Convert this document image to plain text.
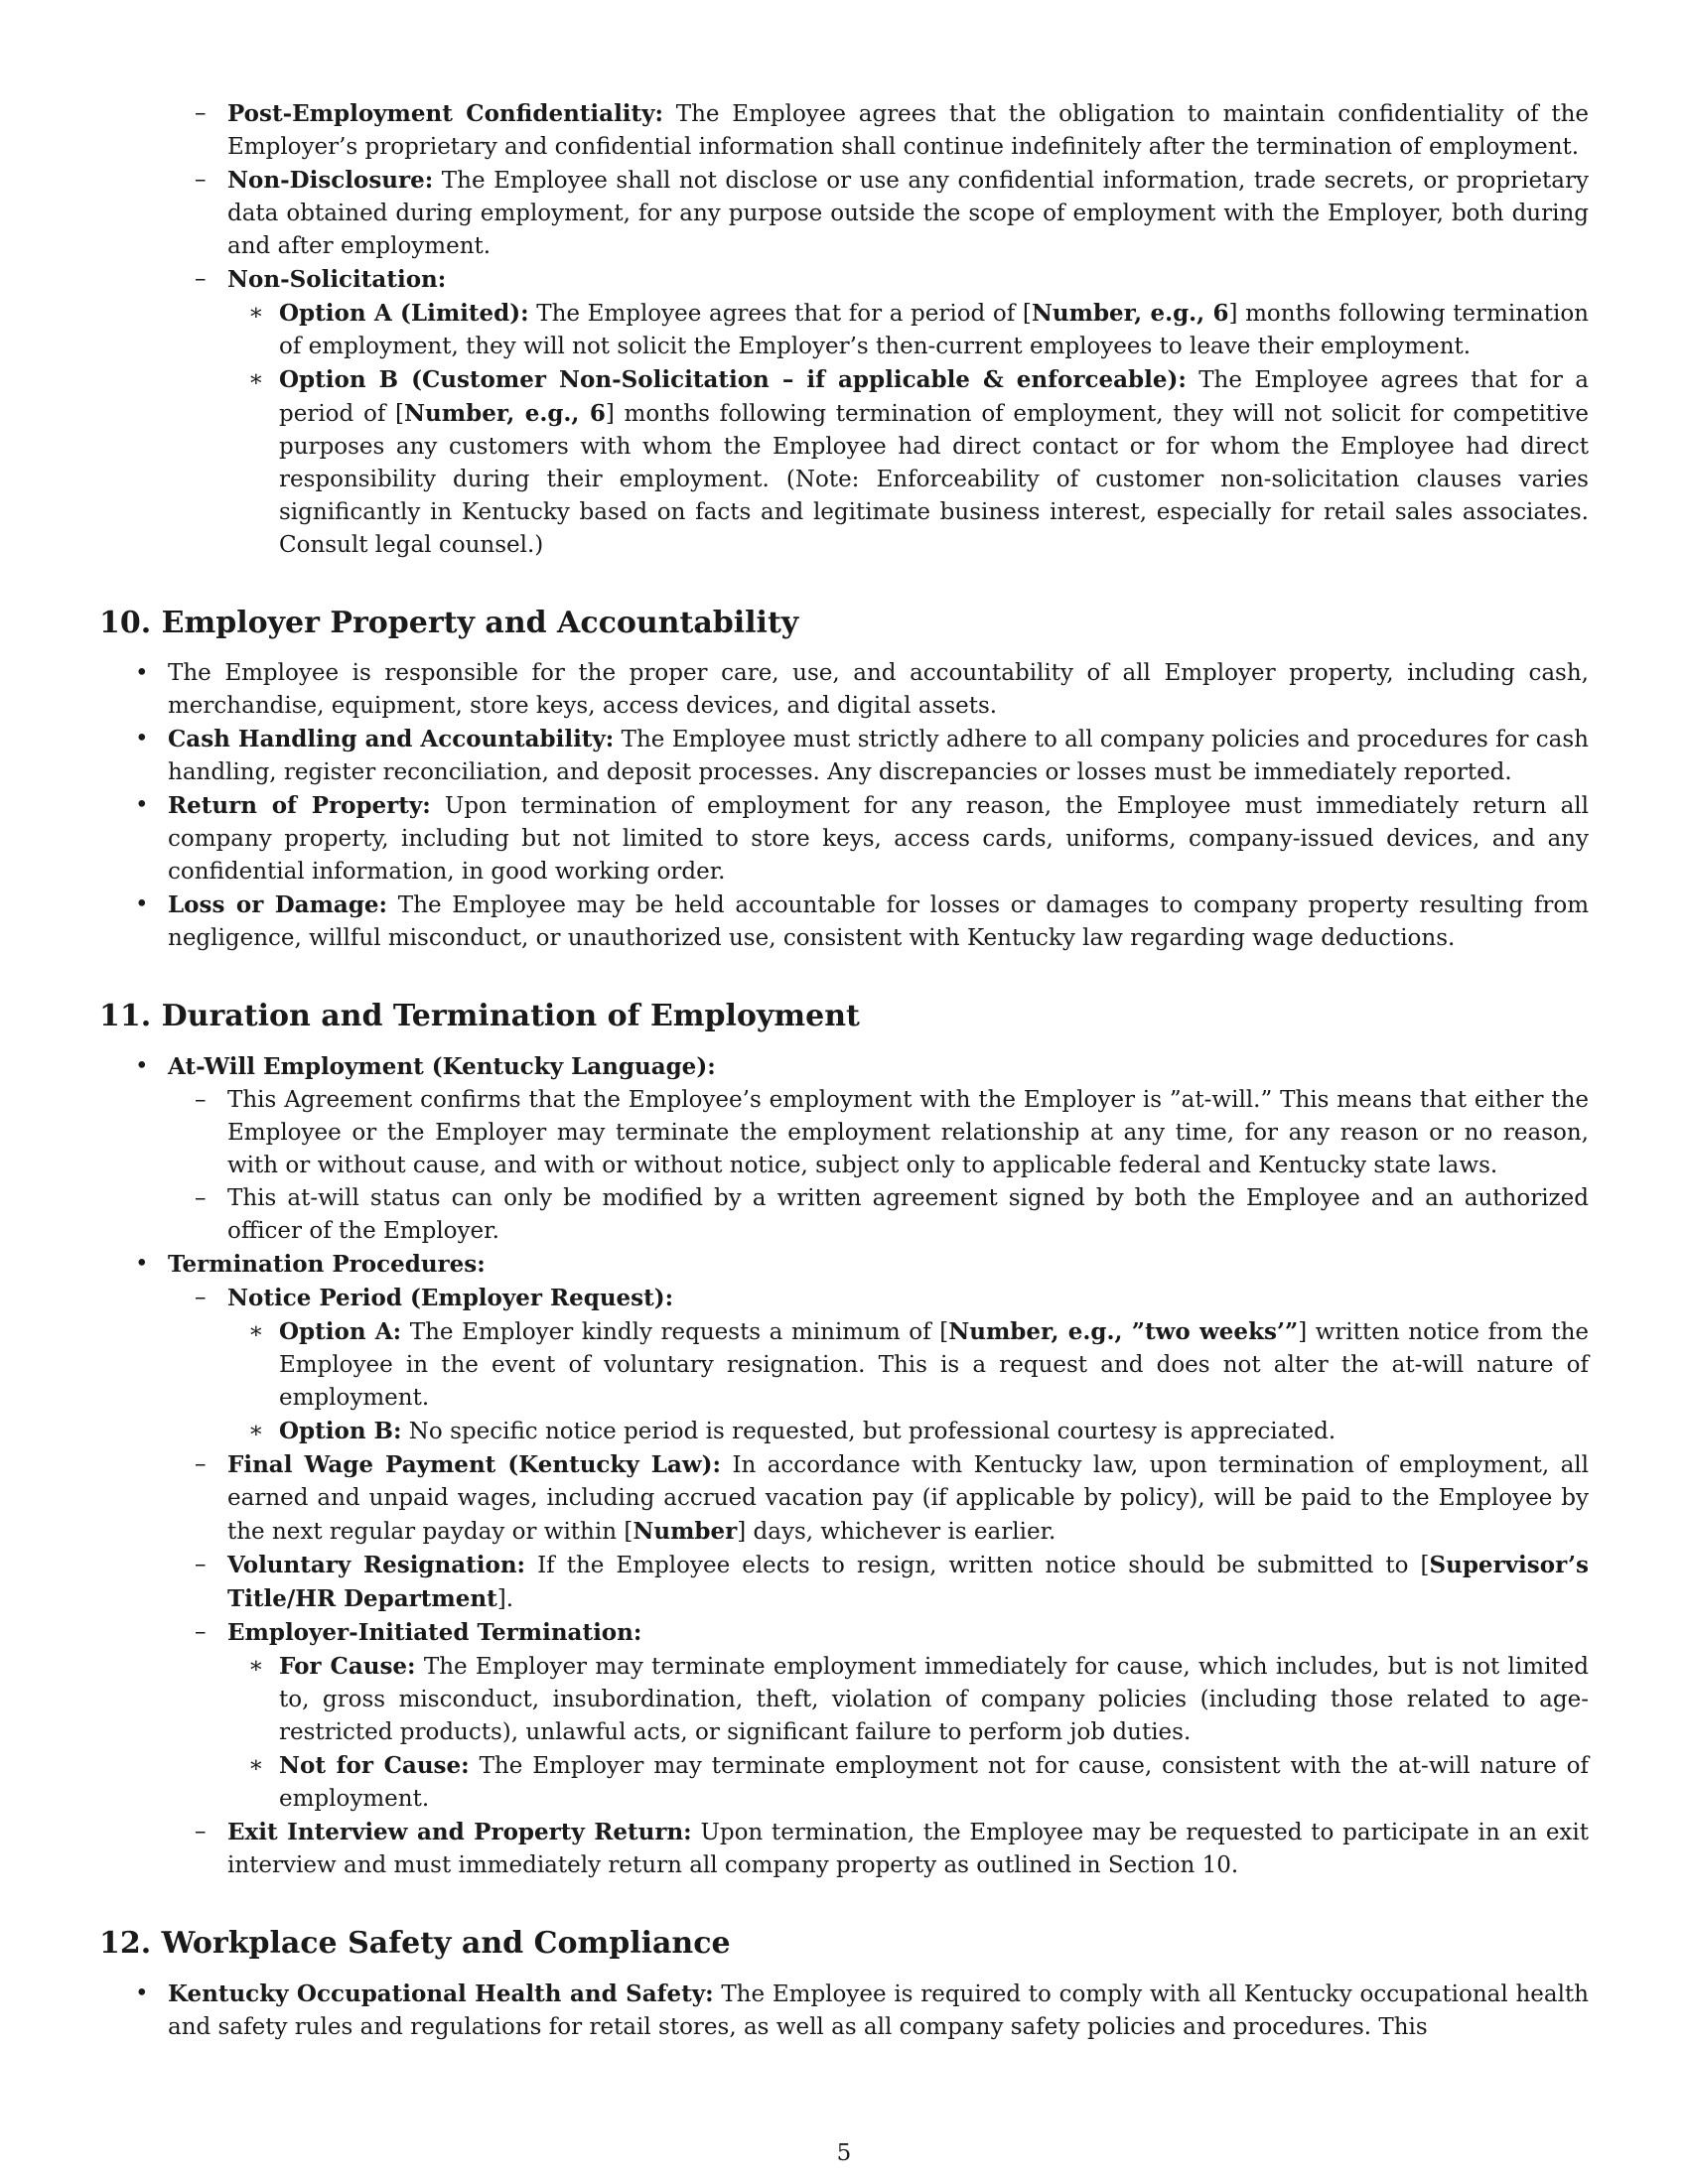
– Post-Employment Confidentiality: The Employee agrees that the obligation to maintain confidentiality of the Employer’s proprietary and confidential information shall continue indefinitely after the termination of employment.
– Non-Disclosure: The Employee shall not disclose or use any confidential information, trade secrets, or proprietary data obtained during employment, for any purpose outside the scope of employment with the Employer, both during and after employment.
– Non-Solicitation:
∗ Option A (Limited): The Employee agrees that for a period of [Number, e.g., 6] months following termination of employment, they will not solicit the Employer’s then-current employees to leave their employment.
∗ Option B (Customer Non-Solicitation – if applicable & enforceable): The Employee agrees that for a period of [Number, e.g., 6] months following termination of employment, they will not solicit for competitive purposes any customers with whom the Employee had direct contact or for whom the Employee had direct responsibility during their employment. (Note: Enforceability of customer non-solicitation clauses varies significantly in Kentucky based on facts and legitimate business interest, especially for retail sales associates. Consult legal counsel.)
10. Employer Property and Accountability
• The Employee is responsible for the proper care, use, and accountability of all Employer property, including cash, merchandise, equipment, store keys, access devices, and digital assets.
• Cash Handling and Accountability: The Employee must strictly adhere to all company policies and procedures for cash handling, register reconciliation, and deposit processes. Any discrepancies or losses must be immediately reported.
• Return of Property: Upon termination of employment for any reason, the Employee must immediately return all company property, including but not limited to store keys, access cards, uniforms, company-issued devices, and any confidential information, in good working order.
• Loss or Damage: The Employee may be held accountable for losses or damages to company property resulting from negligence, willful misconduct, or unauthorized use, consistent with Kentucky law regarding wage deductions.
11. Duration and Termination of Employment
• At-Will Employment (Kentucky Language):
– This Agreement confirms that the Employee’s employment with the Employer is ”at-will.” This means that either the Employee or the Employer may terminate the employment relationship at any time, for any reason or no reason, with or without cause, and with or without notice, subject only to applicable federal and Kentucky state laws.
– This at-will status can only be modified by a written agreement signed by both the Employee and an authorized officer of the Employer.
• Termination Procedures:
– Notice Period (Employer Request):
∗ Option A: The Employer kindly requests a minimum of [Number, e.g., ”two weeks’”] written notice from the Employee in the event of voluntary resignation. This is a request and does not alter the at-will nature of employment.
∗ Option B: No specific notice period is requested, but professional courtesy is appreciated.
– Final Wage Payment (Kentucky Law): In accordance with Kentucky law, upon termination of employment, all earned and unpaid wages, including accrued vacation pay (if applicable by policy), will be paid to the Employee by the next regular payday or within [Number] days, whichever is earlier.
– Voluntary Resignation: If the Employee elects to resign, written notice should be submitted to [Supervisor’s Title/HR Department].
– Employer-Initiated Termination:
∗ For Cause: The Employer may terminate employment immediately for cause, which includes, but is not limited to, gross misconduct, insubordination, theft, violation of company policies (including those related to age-restricted products), unlawful acts, or significant failure to perform job duties.
∗ Not for Cause: The Employer may terminate employment not for cause, consistent with the at-will nature of employment.
– Exit Interview and Property Return: Upon termination, the Employee may be requested to participate in an exit interview and must immediately return all company property as outlined in Section 10.
12. Workplace Safety and Compliance
• Kentucky Occupational Health and Safety: The Employee is required to comply with all Kentucky occupational health and safety rules and regulations for retail stores, as well as all company safety policies and procedures. This
5
